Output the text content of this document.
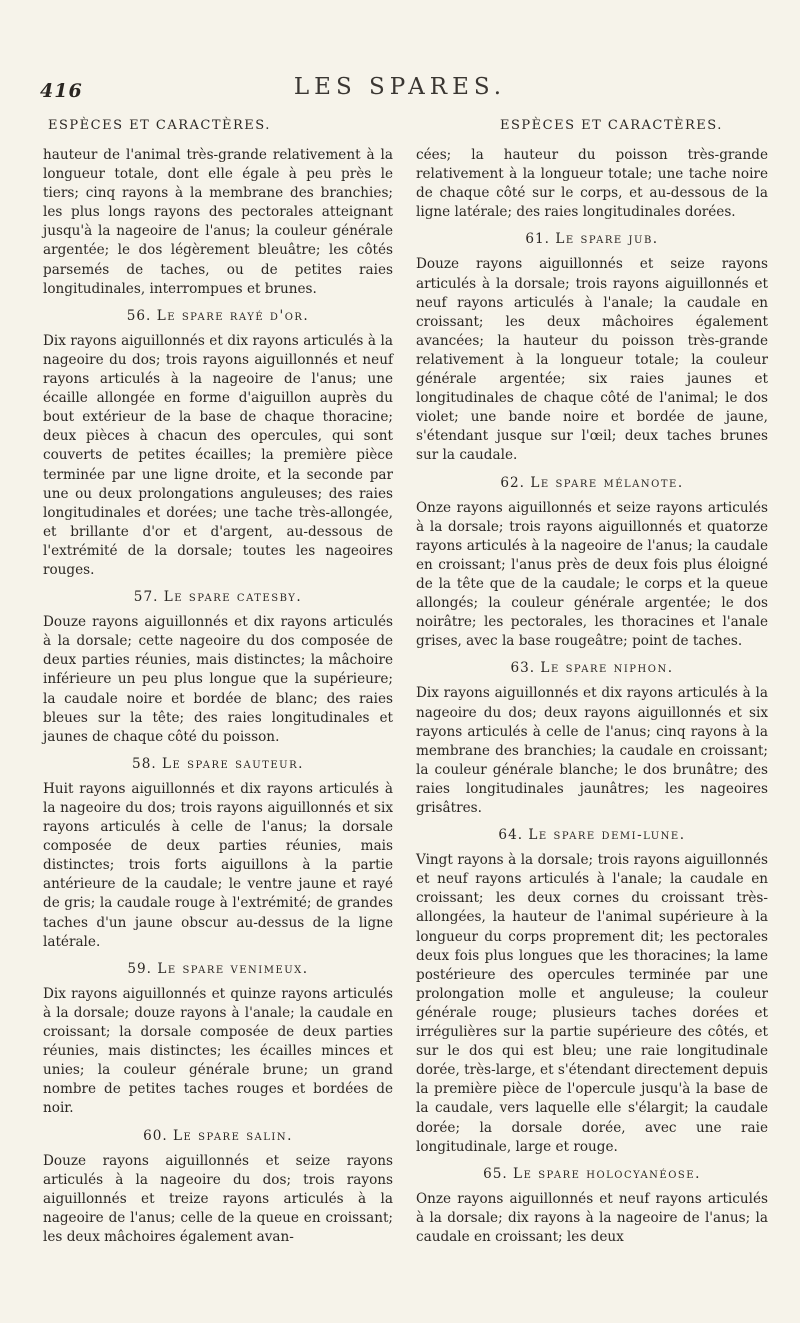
416	LES SPARES.
ESPÈCES ET CARACTÈRES.	ESPÈCES ET CARACTÈRES.

hauteur de l'animal très-grande relativement à la longueur totale, dont elle égale à peu près le tiers; cinq rayons à la membrane des branchies; les plus longs rayons des pectorales atteignant jusqu'à la nageoire de l'anus; la couleur générale argentée; le dos légèrement bleuâtre; les côtés parsemés de taches, ou de petites raies longitudinales, interrompues et brunes.

56. Le spare rayé d'or.

Dix rayons aiguillonnés et dix rayons articulés à la nageoire du dos; trois rayons aiguillonnés et neuf rayons articulés à la nageoire de l'anus; une écaille allongée en forme d'aiguillon auprès du bout extérieur de la base de chaque thoracine; deux pièces à chacun des opercules, qui sont couverts de petites écailles; la première pièce terminée par une ligne droite, et la seconde par une ou deux prolongations anguleuses; des raies longitudinales et dorées; une tache très-allongée, et brillante d'or et d'argent, au-dessous de l'extrémité de la dorsale; toutes les nageoires rouges.

57. Le spare catesby.

Douze rayons aiguillonnés et dix rayons articulés à la dorsale; cette nageoire du dos composée de deux parties réunies, mais distinctes; la mâchoire inférieure un peu plus longue que la supérieure; la caudale noire et bordée de blanc; des raies bleues sur la tête; des raies longitudinales et jaunes de chaque côté du poisson.

58. Le spare sauteur.

Huit rayons aiguillonnés et dix rayons articulés à la nageoire du dos; trois rayons aiguillonnés et six rayons articulés à celle de l'anus; la dorsale composée de deux parties réunies, mais distinctes; trois forts aiguillons à la partie antérieure de la caudale; le ventre jaune et rayé de gris; la caudale rouge à l'extrémité; de grandes taches d'un jaune obscur au-dessus de la ligne latérale.

59. Le spare venimeux.

Dix rayons aiguillonnés et quinze rayons articulés à la dorsale; douze rayons à l'anale; la caudale en croissant; la dorsale composée de deux parties réunies, mais distinctes; les écailles minces et unies; la couleur générale brune; un grand nombre de petites taches rouges et bordées de noir.

60. Le spare salin.

Douze rayons aiguillonnés et seize rayons articulés à la nageoire du dos; trois rayons aiguillonnés et treize rayons articulés à la nageoire de l'anus; celle de la queue en croissant; les deux mâchoires également avan-

cées; la hauteur du poisson très-grande relativement à la longueur totale; une tache noire de chaque côté sur le corps, et au-dessous de la ligne latérale; des raies longitudinales dorées.

61. Le spare jub.

Douze rayons aiguillonnés et seize rayons articulés à la dorsale; trois rayons aiguillonnés et neuf rayons articulés à l'anale; la caudale en croissant; les deux mâchoires également avancées; la hauteur du poisson très-grande relativement à la longueur totale; la couleur générale argentée; six raies jaunes et longitudinales de chaque côté de l'animal; le dos violet; une bande noire et bordée de jaune, s'étendant jusque sur l'œil; deux taches brunes sur la caudale.

62. Le spare mélanote.

Onze rayons aiguillonnés et seize rayons articulés à la dorsale; trois rayons aiguillonnés et quatorze rayons articulés à la nageoire de l'anus; la caudale en croissant; l'anus près de deux fois plus éloigné de la tête que de la caudale; le corps et la queue allongés; la couleur générale argentée; le dos noirâtre; les pectorales, les thoracines et l'anale grises, avec la base rougeâtre; point de taches.

63. Le spare niphon.

Dix rayons aiguillonnés et dix rayons articulés à la nageoire du dos; deux rayons aiguillonnés et six rayons articulés à celle de l'anus; cinq rayons à la membrane des branchies; la caudale en croissant; la couleur générale blanche; le dos brunâtre; des raies longitudinales jaunâtres; les nageoires grisâtres.

64. Le spare demi-lune.

Vingt rayons à la dorsale; trois rayons aiguillonnés et neuf rayons articulés à l'anale; la caudale en croissant; les deux cornes du croissant très-allongées, la hauteur de l'animal supérieure à la longueur du corps proprement dit; les pectorales deux fois plus longues que les thoracines; la lame postérieure des opercules terminée par une prolongation molle et anguleuse; la couleur générale rouge; plusieurs taches dorées et irrégulières sur la partie supérieure des côtés, et sur le dos qui est bleu; une raie longitudinale dorée, très-large, et s'étendant directement depuis la première pièce de l'opercule jusqu'à la base de la caudale, vers laquelle elle s'élargit; la caudale dorée; la dorsale dorée, avec une raie longitudinale, large et rouge.

65. Le spare holocyanéose.

Onze rayons aiguillonnés et neuf rayons articulés à la dorsale; dix rayons à la nageoire de l'anus; la caudale en croissant; les deux
